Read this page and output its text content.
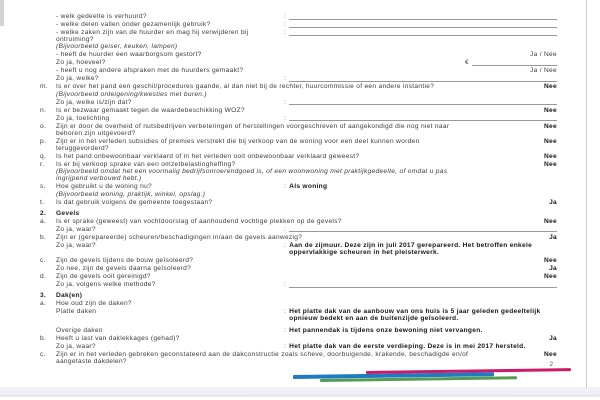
- welk gedeelte is verhuurd?	:
- welke delen vallen onder gezamenlijk gebruik?	:
- welke zaken zijn van de huurder en mag hij verwijderen bij ontruiming?
(Bijvoorbeeld geiser, keuken, lampen)
:
- heeft de huurder een waarborgsom gestort?	Ja / Nee
Zo ja, hoeveel?	€
- heeft u nog andere afspraken met de huurders gemaakt?	Ja / Nee
Zo ja, welke?	:
m.	Is er over het pand een geschil/procedures gaande, al dan niet bij de rechter, huurcommissie of een andere instantie? (Bijvoorbeeld onteigening/kwesties met buren.)
Nee
Zo ja, welke is/zijn dat?	:
n.	Is er bezwaar gemaakt tegen de waardebeschikking WOZ?	Nee
Zo ja, toelichting	:
o.	Zijn er door de overheid of nutsbedrijven verbeteringen of herstellingen voorgeschreven of aangekondigd die nog niet naar behoren zijn uitgevoerd?
Nee
p.	Zijn er in het verleden subsidies of premies verstrekt die bij verkoop van de woning voor een deel kunnen worden teruggevorderd?
Nee
q.	Is het pand onbewoonbaar verklaard of in het verleden ooit onbewoonbaar verklaard geweest?	Nee
r.	Is er bij verkoop sprake van een omzetbelastingheffing?
(Bijvoorbeeld omdat het een voormalig bedrijfsonroerendgoed is, of een woonwoning met praktijkgedeelte, of omdat u pas ingrijpend verbouwd hebt.)
Nee
s.	Hoe gebruikt u de woning nu?
(Bijvoorbeeld woning, praktijk, winkel, opslag.)
: Als woning
t.	Is dat gebruik volgens de gemeente toegestaan?	Ja
2.	Gevels
a.	Is er sprake (geweest) van vochtdoorslag of aanhoudend vochtige plekken op de gevels?	Nee
Zo ja, waar?	:
b.	Zijn er (gerepareerde) scheuren/beschadigingen in/aan de gevels aanwezig?	Ja
Zo ja, waar?	: Aan de zijmuur. Deze zijn in juli 2017 gerepareerd. Het betroffen enkele oppervlakkige scheuren in het pleisterwerk.
c.	Zijn de gevels tijdens de bouw geïsoleerd?	Nee
Zo nee, zijn de gevels daarna geïsoleerd?	Ja
d.	Zijn de gevels ooit gereinigd?	Nee
Zo ja, volgens welke methode?	:
3.	Dak(en)
a.	Hoe oud zijn de daken?
Platte daken	: Het platte dak van de aanbouw van ons huis is 5 jaar geleden gedeeltelijk opnieuw bedekt en aan de buitenzijde geïsoleerd.
Overige daken	: Het pannendak is tijdens onze bewoning niet vervangen.
b.	Heeft u last van daklekkages (gehad)?	Ja
Zo ja, waar?	: Het platte dak van de eerste verdieping. Deze is in mei 2017 hersteld.
c.	Zijn er in het verleden gebreken geconstateerd aan de dakconstructie zoals scheve, doorbuigende, krakende, beschadigde en/of aangetaste dakdelen?
Nee
2
